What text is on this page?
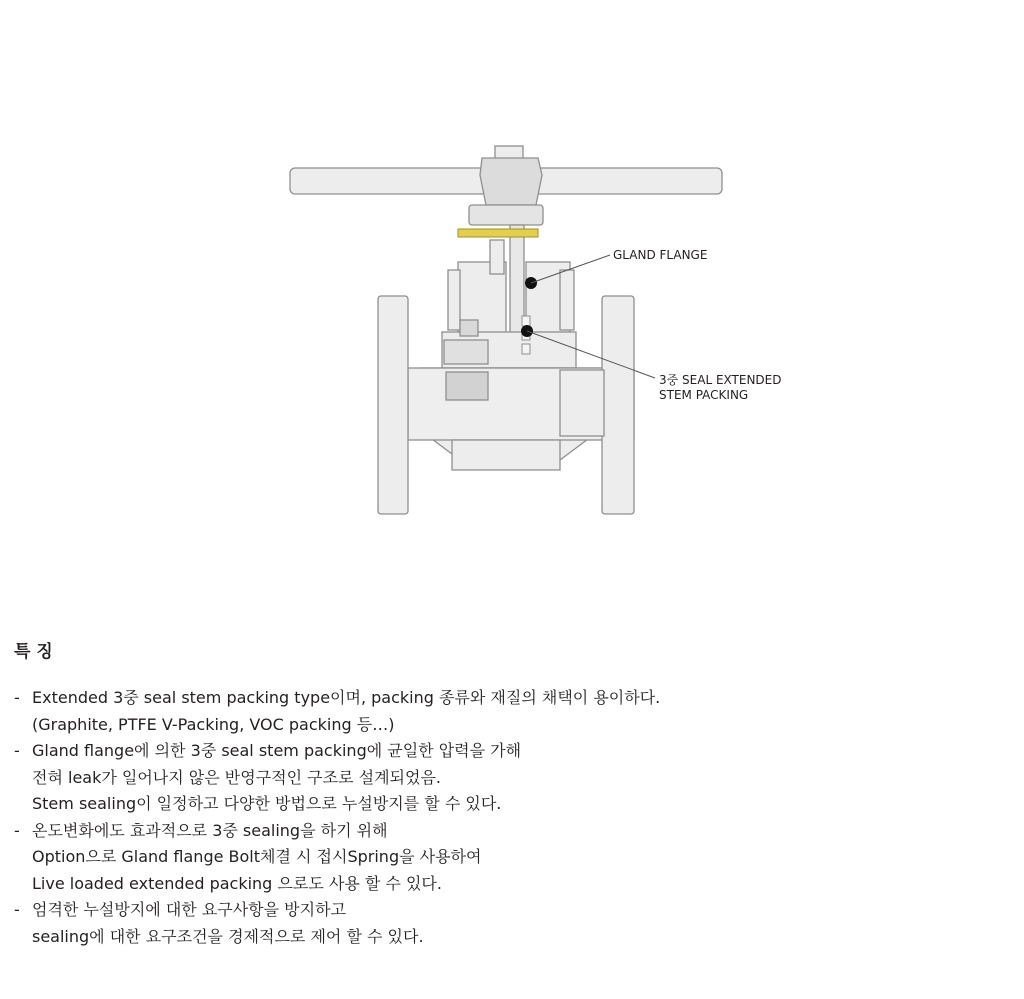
GLAND FLANGE
3중 SEAL EXTENDED
STEM PACKING
특 징
- Extended 3중 seal stem packing type이며, packing 종류와 재질의 채택이 용이하다.
(Graphite, PTFE V-Packing, VOC packing 등…)
- Gland flange에 의한 3중 seal stem packing에 균일한 압력을 가해
전혀 leak가 일어나지 않은 반영구적인 구조로 설계되었음.
Stem sealing이 일정하고 다양한 방법으로 누설방지를 할 수 있다.
- 온도변화에도 효과적으로 3중 sealing을 하기 위해
Option으로 Gland flange Bolt체결 시 접시Spring을 사용하여
Live loaded extended packing 으로도 사용 할 수 있다.
- 엄격한 누설방지에 대한 요구사항을 방지하고
sealing에 대한 요구조건을 경제적으로 제어 할 수 있다.
